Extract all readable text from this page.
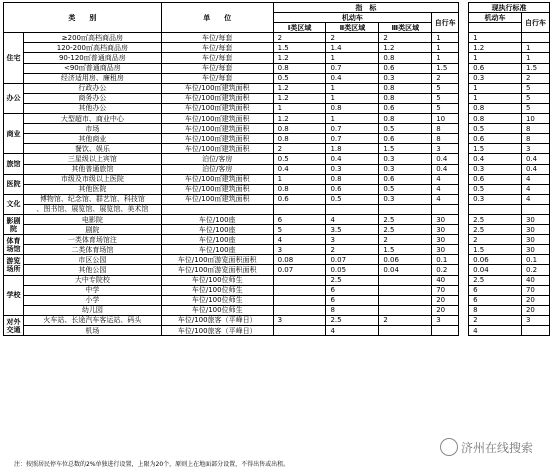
类　　别		单　　位	指　标					现执行标准	
			机动车			自行车		机动车	自行车
			Ⅰ类区域	Ⅱ类区域	Ⅲ类区域				
住宅	≥200㎡高档商品房	车位/每套	2	2	2	1		1	
	120-200㎡高档商品房	车位/每套	1.5	1.4	1.2	1		1.2	1
	90-120㎡普通商品房	车位/每套	1.2	1	0.8	1		1	1
	<90㎡普通商品房	车位/每套	0.8	0.7	0.6	1.5		0.6	1.5
	经济适用房、廉租房	车位/每套	0.5	0.4	0.3	2		0.3	2
办公	行政办公	车位/100㎡建筑面积	1.2	1	0.8	5		1	5
	商务办公	车位/100㎡建筑面积	1.2	1	0.8	5		1	5
	其他办公	车位/100㎡建筑面积	1	0.8	0.6	5		0.8	5
商业	大型超市、商业中心	车位/100㎡建筑面积	1.2	1	0.8	10		0.8	10
	市场	车位/100㎡建筑面积	0.8	0.7	0.5	8		0.5	8
	其他商业	车位/100㎡建筑面积	0.8	0.7	0.6	8		0.6	8
	餐饮、娱乐	车位/100㎡建筑面积	2	1.8	1.5	3		1.5	3
旅馆	三星级以上宾馆	泊位/客房	0.5	0.4	0.3	0.4		0.4	0.4
	其他普通旅馆	泊位/客房	0.4	0.3	0.3	0.4		0.3	0.4
医院	市级及市级以上医院	车位/100㎡建筑面积	1	0.8	0.6	4		0.6	4
	其他医院	车位/100㎡建筑面积	0.8	0.6	0.5	4		0.5	4
文化	博物馆、纪念馆、群艺馆、科技馆	车位/100㎡建筑面积	0.6	0.5	0.3	4		0.3	4
	、图书馆、展览馆、展览馆、美术馆								
影剧院	电影院	车位/100座	6	4	2.5	30		2.5	30
	剧院	车位/100座	5	3.5	2.5	30		2.5	30
体育场馆	一类体育场馆注	车位/100座	4	3	2	30		2	30
	二类体育场馆	车位/100座	3	2	1.5	30		1.5	30
游览场所	市区公园	车位/100㎡游览面积面积	0.08	0.07	0.06	0.1		0.06	0.1
	其他公园	车位/100㎡游览面积面积	0.07	0.05	0.04	0.2		0.04	0.2
学校	大中专院校	车位/100位师生		2.5		40		2.5	40
	中学	车位/100位师生		6		70		6	70
	小学	车位/100位师生		6		20		6	20
	幼儿园	车位/100位师生		8		20		8	20
对外交通	火车站、长途汽车客运站、码头	车位/100旅客（平峰日）	3	2.5	2	3		2	3
	机场	车位/100旅客（平峰日）		4				4	
注：按照居民停车位总数的2%单独进行设置，上限为20个，原则上在地面部分设置，不得出售或出租。
济州在线搜索
